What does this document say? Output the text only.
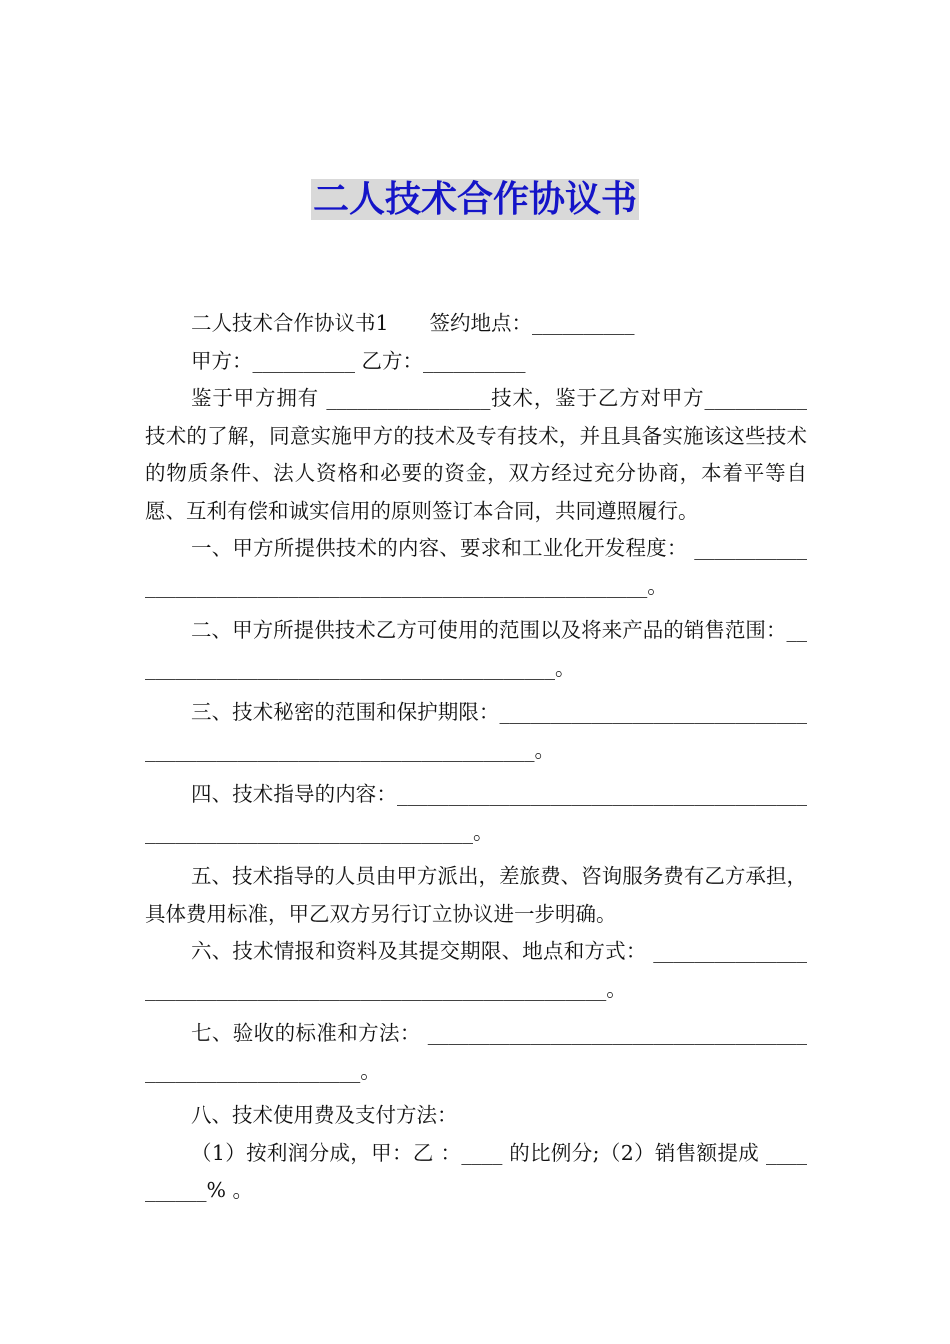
二人技术合作协议书

二人技术合作协议书1　　签约地点：__________

甲方：__________ 乙方：__________

鉴于甲方拥有 ________________技术，鉴于乙方对甲方__________技术的了解，同意实施甲方的技术及专有技术，并且具备实施该这些技术的物质条件、法人资格和必要的资金，双方经过充分协商，本着平等自愿、互利有偿和诚实信用的原则签订本合同，共同遵照履行。

一、甲方所提供技术的内容、要求和工业化开发程度： ____________________________________________________________。

二、甲方所提供技术乙方可使用的范围以及将来产品的销售范围：__________________________________________。

三、技术秘密的范围和保护期限：____________________________________________________________________。

四、技术指导的内容：________________________________________________________________________。

五、技术指导的人员由甲方派出，差旅费、咨询服务费有乙方承担，具体费用标准，甲乙双方另行订立协议进一步明确。

六、技术情报和资料及其提交期限、地点和方式： ____________________________________________________________。

七、验收的标准和方法： __________________________________________________________。

八、技术使用费及支付方法：

（1）按利润分成，甲：乙 ：____ 的比例分;（2）销售额提成 __________% 。
